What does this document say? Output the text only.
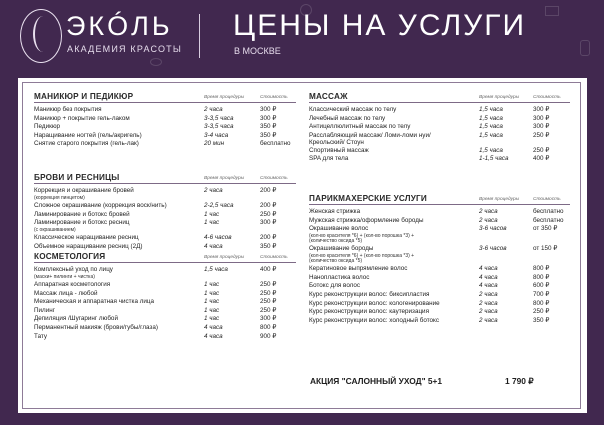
ЭКÓЛЬ
АКАДЕМИЯ КРАСОТЫ
ЦЕНЫ НА УСЛУГИ
В МОСКВЕ
МАНИКЮР И ПЕДИКЮР	Время процедуры	Стоимость
Маникюр без покрытия	2 часа	300 ₽
Маникюр + покрытие гель-лаком	3-3,5 часа	300 ₽
Педикюр	3-3,5 часа	350 ₽
Наращивание ногтей (гель/акригель)	3-4 часа	350 ₽
Снятие старого покрытия (гель-лак)	20 мин	бесплатно
БРОВИ И РЕСНИЦЫ	Время процедуры	Стоимость
Коррекция и окрашивание бровей
(коррекция пинцетом)
2 часа	200 ₽
Сложное окрашивание (коррекция воск/нить)	2-2,5 часа	200 ₽
Ламинирование и ботокс бровей	1 час	250 ₽
Ламинирование и ботокс ресниц
(с окрашиванием)
1 час	300 ₽
Классическое наращивание ресниц	4-6 часов	200 ₽
Объемное наращивание ресниц (2Д)	4 часа	350 ₽
КОСМЕТОЛОГИЯ	Время процедуры	Стоимость
Комплексный уход по лицу
(маски+ пилинги + чистка)
1,5 часа	400 ₽
Аппаратная косметология	1 час	250 ₽
Массаж лица - любой	1 час	250 ₽
Механическая и аппаратная чистка лица	1 час	250 ₽
Пилинг	1 час	250 ₽
Депиляция /Шугаринг любой	1 час	300 ₽
Перманентный макияж (брови/губы/глаза)	4 часа	800 ₽
Тату	4 часа	900 ₽
МАССАЖ	Время процедуры	Стоимость
Классический массаж по телу	1,5 часа	300 ₽
Лечебный массаж по телу	1,5 часа	300 ₽
Антицеллюлитный массаж по телу	1,5 часа	300 ₽
Расслабляющий массаж/ Ломи-ломи нуи/
Креольский/ Стоун
1,5 часа	250 ₽
Спортивный массаж	1,5 часа	250 ₽
SPA для тела	1-1,5 часа	400 ₽
ПАРИКМАХЕРСКИЕ УСЛУГИ	Время процедуры	Стоимость
Женская стрижка	2 часа	бесплатно
Мужская стрижка/оформление бороды	2 часа	бесплатно
Окрашивание волос
(кол-во красителя *6) + (кол-во порошка *3) +
(количество оксида *5)
3-6 часов	от 350 ₽
Окрашивание бороды
(кол-во красителя *6) + (кол-во порошка *3) +
(количество оксида *5)
3-6 часов	от 150 ₽
Кератиновое выпрямление волос	4 часа	800 ₽
Нанопластика волос	4 часа	800 ₽
Ботокс для волос	4 часа	600 ₽
Курс реконструкции волос: биксипластия	2 часа	700 ₽
Курс реконструкции волос: кологенирование	2 часа	800 ₽
Курс реконструкции волос: каутеризация	2 часа	250 ₽
Курс реконструкции волос: холодный ботокс	2 часа	350 ₽
АКЦИЯ "САЛОННЫЙ УХОД" 5+1	1 790 ₽
